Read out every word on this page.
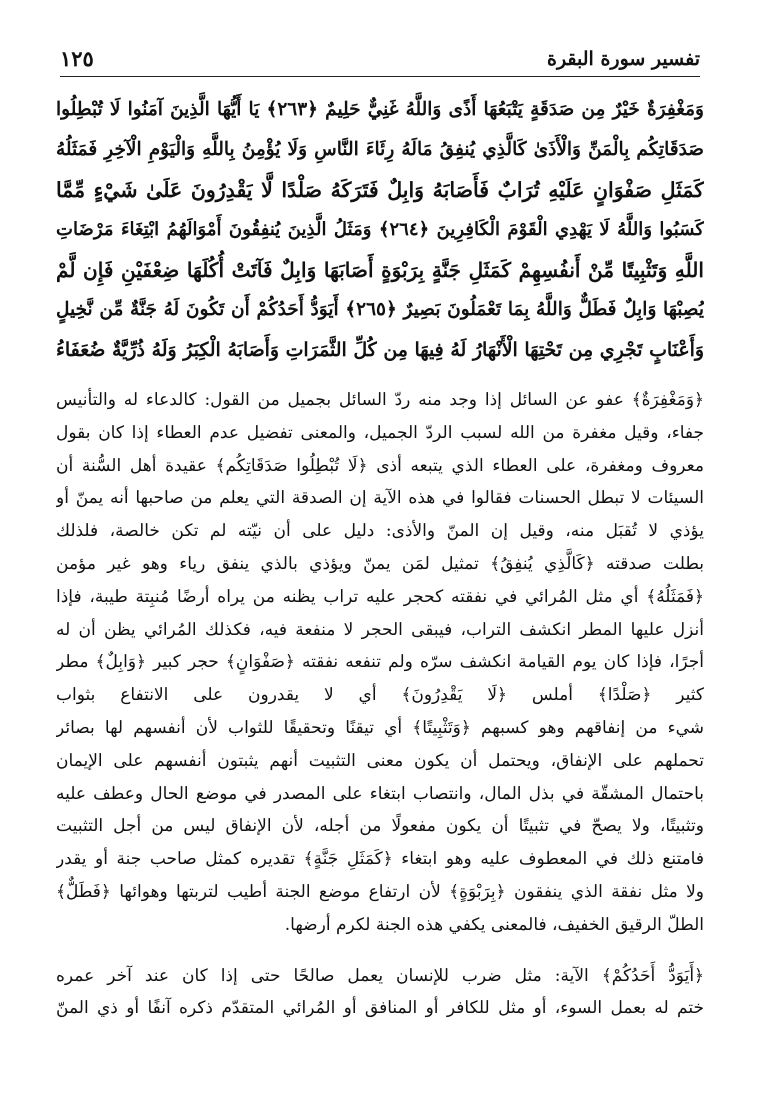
تفسير سورة البقرة
١٢٥
وَمَغْفِرَةٌ خَيْرٌ مِن صَدَقَةٍ يَتْبَعُهَا أَذًى وَاللَّهُ غَنِيٌّ حَلِيمٌ ﴿٢٦٣﴾ يَا أَيُّهَا الَّذِينَ آمَنُوا لَا تُبْطِلُوا
صَدَقَاتِكُم بِالْمَنِّ وَالْأَذَىٰ كَالَّذِي يُنفِقُ مَالَهُ رِئَاءَ النَّاسِ وَلَا يُؤْمِنُ بِاللَّهِ وَالْيَوْمِ الْآخِرِ فَمَثَلُهُ
كَمَثَلِ صَفْوَانٍ عَلَيْهِ تُرَابٌ فَأَصَابَهُ وَابِلٌ فَتَرَكَهُ صَلْدًا لَّا يَقْدِرُونَ عَلَىٰ شَيْءٍ مِّمَّا
كَسَبُوا وَاللَّهُ لَا يَهْدِي الْقَوْمَ الْكَافِرِينَ ﴿٢٦٤﴾ وَمَثَلُ الَّذِينَ يُنفِقُونَ أَمْوَالَهُمُ ابْتِغَاءَ مَرْضَاتِ
اللَّهِ وَتَثْبِيتًا مِّنْ أَنفُسِهِمْ كَمَثَلِ جَنَّةٍ بِرَبْوَةٍ أَصَابَهَا وَابِلٌ فَآتَتْ أُكُلَهَا ضِعْفَيْنِ فَإِن لَّمْ
يُصِبْهَا وَابِلٌ فَطَلٌّ وَاللَّهُ بِمَا تَعْمَلُونَ بَصِيرٌ ﴿٢٦٥﴾ أَيَوَدُّ أَحَدُكُمْ أَن تَكُونَ لَهُ جَنَّةٌ مِّن نَّخِيلٍ
وَأَعْنَابٍ تَجْرِي مِن تَحْتِهَا الْأَنْهَارُ لَهُ فِيهَا مِن كُلِّ الثَّمَرَاتِ وَأَصَابَهُ الْكِبَرُ وَلَهُ ذُرِّيَّةٌ ضُعَفَاءُ
﴿وَمَغْفِرَةٌ﴾ عفو عن السائل إذا وجد منه ردّ السائل بجميل من القول: كالدعاء له والتأنيس
جفاء، وقيل مغفرة من الله لسبب الردّ الجميل، والمعنى تفضيل عدم العطاء إذا كان بقول
معروف ومغفرة، على العطاء الذي يتبعه أذى ﴿لَا تُبْطِلُوا صَدَقَاتِكُم﴾ عقيدة أهل السُّنة أن
السيئات لا تبطل الحسنات فقالوا في هذه الآية إن الصدقة التي يعلم من صاحبها أنه يمنّ أو
يؤذي لا تُقبَل منه، وقيل إن المنّ والأذى: دليل على أن نيّته لم تكن خالصة، فلذلك
بطلت صدقته ﴿كَالَّذِي يُنفِقُ﴾ تمثيل لمَن يمنّ ويؤذي بالذي ينفق رياء وهو غير مؤمن
﴿فَمَثَلُهُ﴾ أي مثل المُرائي في نفقته كحجر عليه تراب يظنه من يراه أرضًا مُنبِتة طيبة، فإذا
أنزل عليها المطر انكشف التراب، فيبقى الحجر لا منفعة فيه، فكذلك المُرائي يظن أن له
أجرًا، فإذا كان يوم القيامة انكشف سرّه ولم تنفعه نفقته ﴿صَفْوَانٍ﴾ حجر كبير ﴿وَابِلٌ﴾ مطر
كثير ﴿صَلْدًا﴾ أملس ﴿لَا يَقْدِرُونَ﴾ أي لا يقدرون على الانتفاع بثواب
شيء من إنفاقهم وهو كسبهم ﴿وَتَثْبِيتًا﴾ أي تيقنًا وتحقيقًا للثواب لأن أنفسهم لها بصائر
تحملهم على الإنفاق، ويحتمل أن يكون معنى التثبيت أنهم يثبتون أنفسهم على الإيمان
باحتمال المشقّة في بذل المال، وانتصاب ابتغاء على المصدر في موضع الحال وعطف عليه
وتثبيتًا، ولا يصحّ في تثبيتًا أن يكون مفعولًا من أجله، لأن الإنفاق ليس من أجل التثبيت
فامتنع ذلك في المعطوف عليه وهو ابتغاء ﴿كَمَثَلِ جَنَّةٍ﴾ تقديره كمثل صاحب جنة أو يقدر
ولا مثل نفقة الذي ينفقون ﴿بِرَبْوَةٍ﴾ لأن ارتفاع موضع الجنة أطيب لتربتها وهوائها ﴿فَطَلٌّ﴾
الطلّ الرقيق الخفيف، فالمعنى يكفي هذه الجنة لكرم أرضها.
﴿أَيَوَدُّ أَحَدُكُمْ﴾ الآية: مثل ضرب للإنسان يعمل صالحًا حتى إذا كان عند آخر عمره
ختم له بعمل السوء، أو مثل للكافر أو المنافق أو المُرائي المتقدّم ذكره آنفًا أو ذي المنّ
